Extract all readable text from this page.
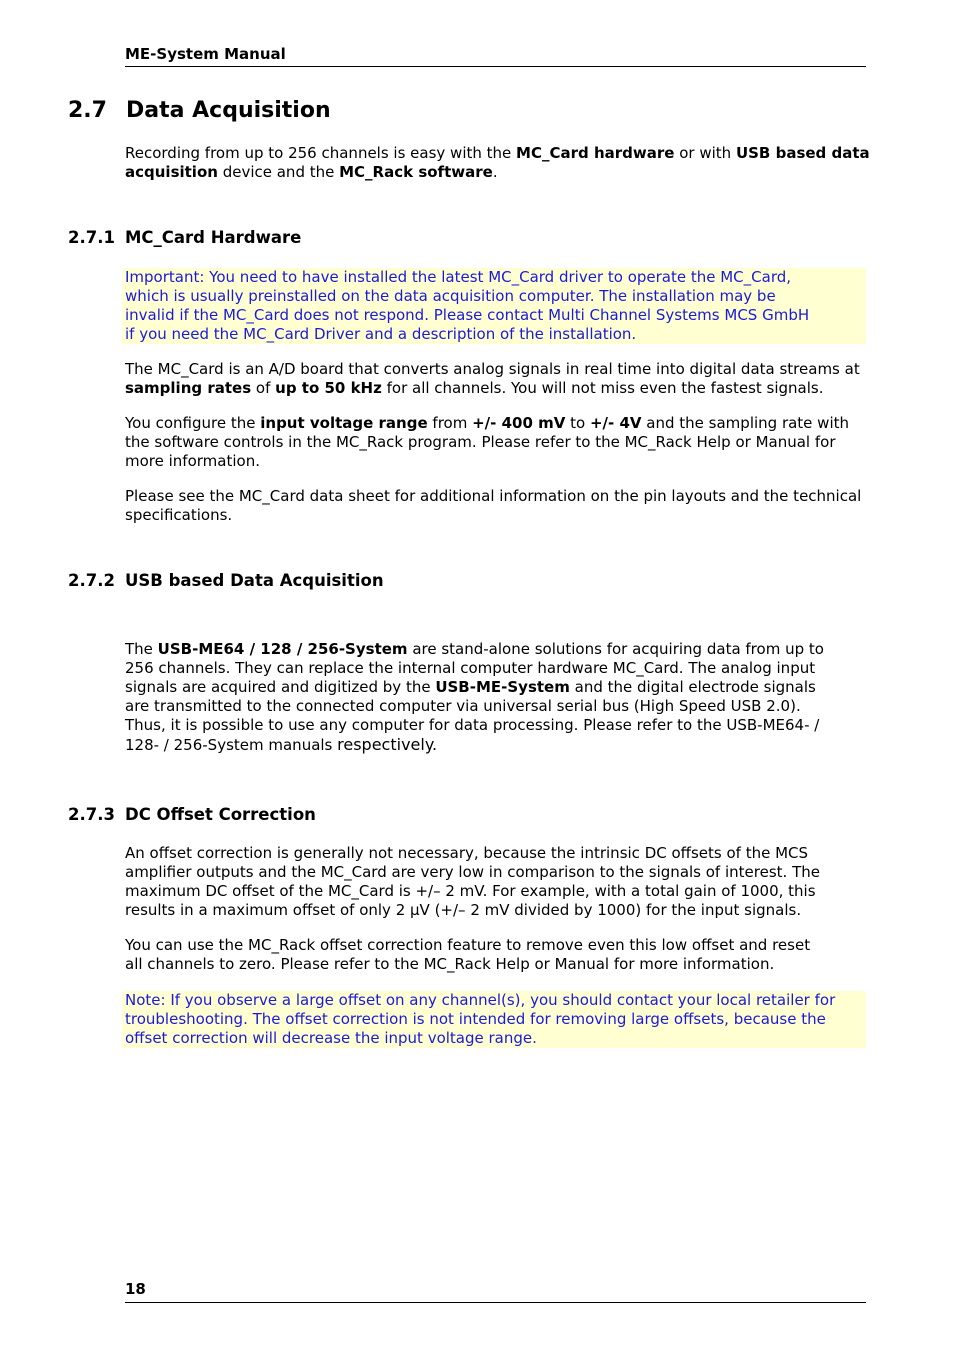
ME-System Manual
2.7 Data Acquisition

Recording from up to 256 channels is easy with the MC_Card hardware or with USB based data acquisition device and the MC_Rack software.

2.7.1 MC_Card Hardware
Important: You need to have installed the latest MC_Card driver to operate the MC_Card,
which is usually preinstalled on the data acquisition computer. The installation may be
invalid if the MC_Card does not respond. Please contact Multi Channel Systems MCS GmbH
if you need the MC_Card Driver and a description of the installation.

The MC_Card is an A/D board that converts analog signals in real time into digital data streams at sampling rates of up to 50 kHz for all channels. You will not miss even the fastest signals.

You configure the input voltage range from +/- 400 mV to +/- 4V and the sampling rate with the software controls in the MC_Rack program. Please refer to the MC_Rack Help or Manual for more information.

Please see the MC_Card data sheet for additional information on the pin layouts and the technical specifications.

2.7.2 USB based Data Acquisition

The USB-ME64 / 128 / 256-System are stand-alone solutions for acquiring data from up to 256 channels. They can replace the internal computer hardware MC_Card. The analog input signals are acquired and digitized by the USB-ME-System and the digital electrode signals are transmitted to the connected computer via universal serial bus (High Speed USB 2.0). Thus, it is possible to use any computer for data processing. Please refer to the USB-ME64- / 128- / 256-System manuals respectively.

2.7.3 DC Offset Correction

An offset correction is generally not necessary, because the intrinsic DC offsets of the MCS amplifier outputs and the MC_Card are very low in comparison to the signals of interest. The maximum DC offset of the MC_Card is +/– 2 mV. For example, with a total gain of 1000, this results in a maximum offset of only 2 µV (+/– 2 mV divided by 1000) for the input signals.

You can use the MC_Rack offset correction feature to remove even this low offset and reset all channels to zero. Please refer to the MC_Rack Help or Manual for more information.

Note: If you observe a large offset on any channel(s), you should contact your local retailer for
troubleshooting. The offset correction is not intended for removing large offsets, because the
offset correction will decrease the input voltage range.
18
